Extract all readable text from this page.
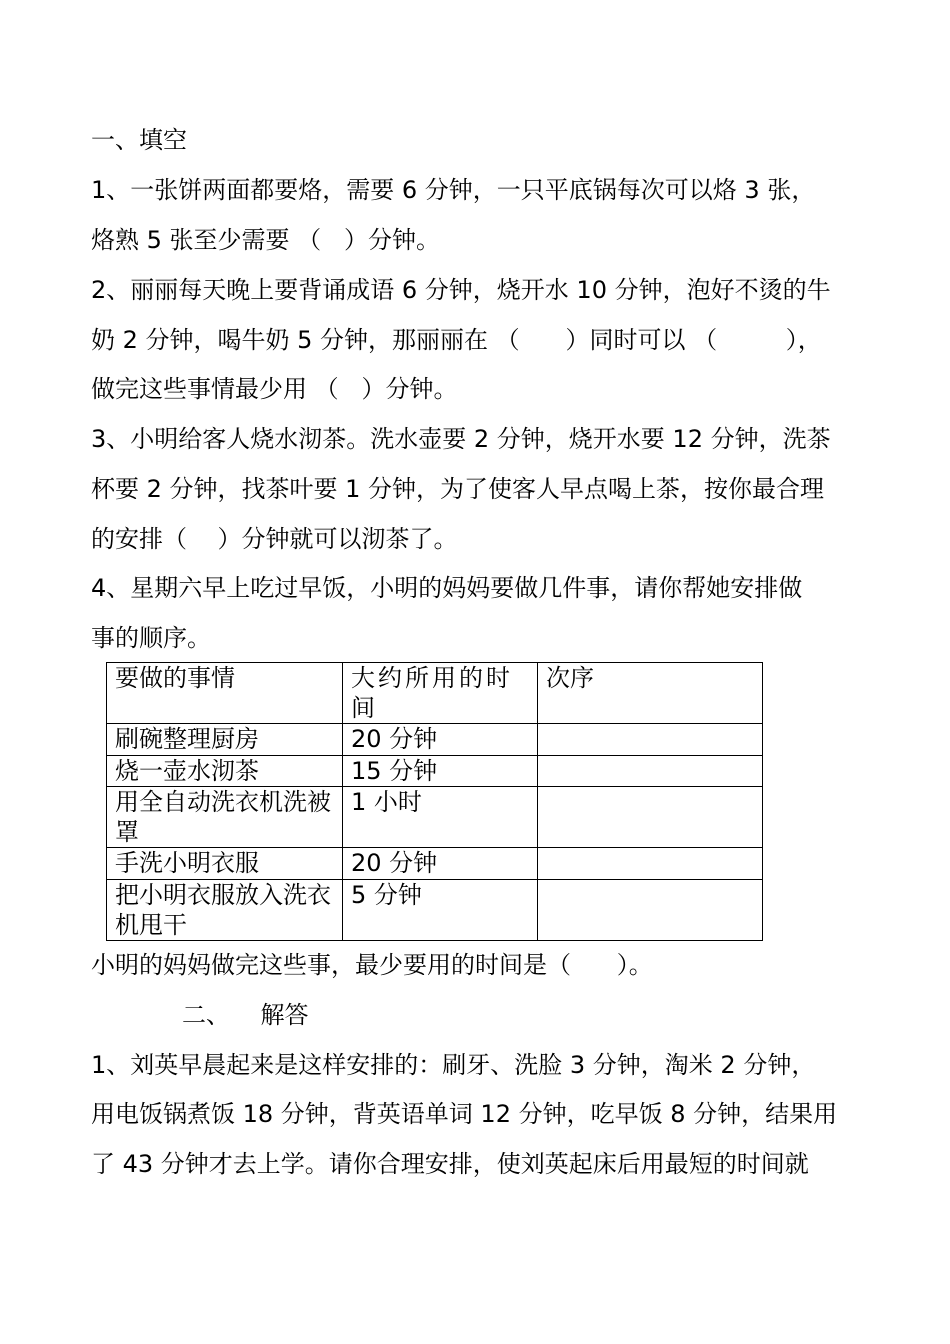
一、填空

1、一张饼两面都要烙，需要 6 分钟，一只平底锅每次可以烙 3 张，

烙熟 5 张至少需要 （   ）分钟。

2、丽丽每天晚上要背诵成语 6 分钟，烧开水 10 分钟，泡好不烫的牛

奶 2 分钟，喝牛奶 5 分钟，那丽丽在 （      ）同时可以 （         ），

做完这些事情最少用 （   ）分钟。

3、小明给客人烧水沏茶。洗水壶要 2 分钟，烧开水要 12 分钟，洗茶

杯要 2 分钟，找茶叶要 1 分钟，为了使客人早点喝上茶，按你最合理

的安排（    ）分钟就可以沏茶了。

4、星期六早上吃过早饭，小明的妈妈要做几件事，请你帮她安排做

事的顺序。

要做的事情	大约所用的时间	次序
刷碗整理厨房	20 分钟	
烧一壶水沏茶	15 分钟	
用全自动洗衣机洗被罩	1 小时	
手洗小明衣服	20 分钟	
把小明衣服放入洗衣机甩干	5 分钟	

小明的妈妈做完这些事，最少要用的时间是（      ）。

二、    解答

1、刘英早晨起来是这样安排的：刷牙、洗脸 3 分钟，淘米 2 分钟，

用电饭锅煮饭 18 分钟，背英语单词 12 分钟，吃早饭 8 分钟，结果用

了 43 分钟才去上学。请你合理安排，使刘英起床后用最短的时间就
